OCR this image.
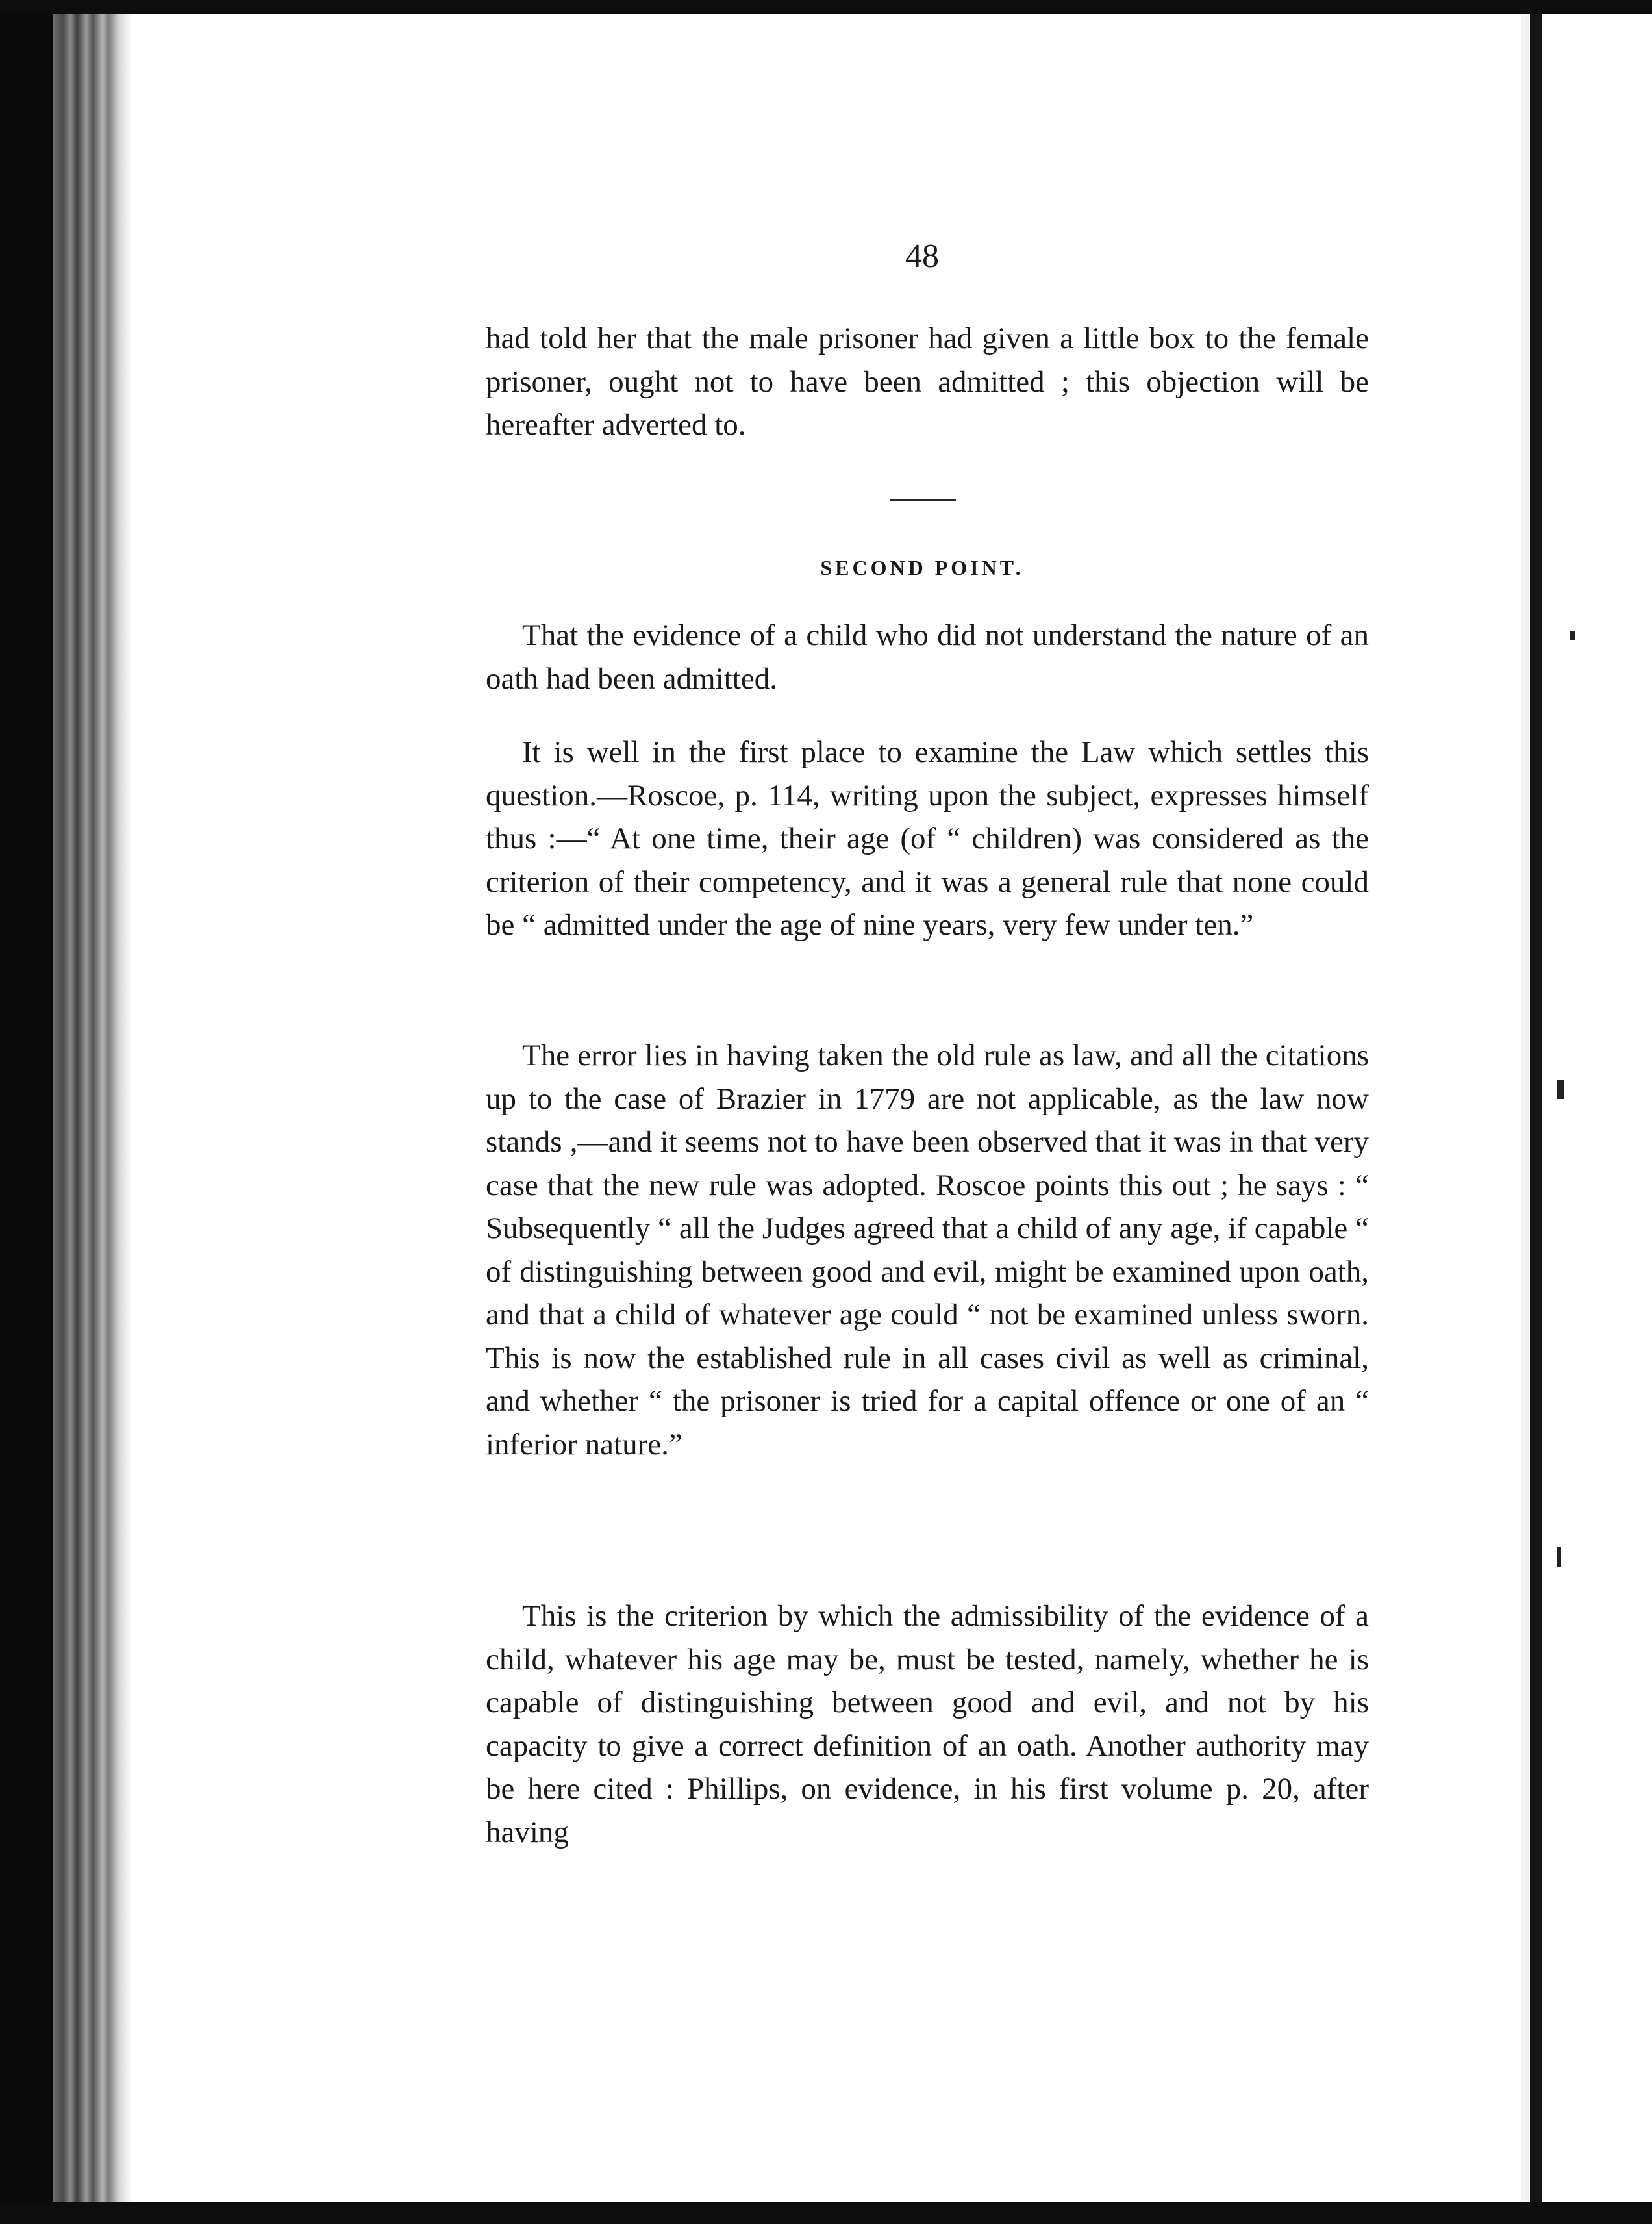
48

had told her that the male prisoner had given a little box to the female prisoner, ought not to have been admitted ; this objection will be hereafter adverted to.

SECOND POINT.

That the evidence of a child who did not understand the nature of an oath had been admitted.

It is well in the first place to examine the Law which settles this question.—Roscoe, p. 114, writing upon the subject, expresses himself thus :—“ At one time, their age (of “ children) was considered as the criterion of their competency, and it was a general rule that none could be “ admitted under the age of nine years, very few under ten.”

The error lies in having taken the old rule as law, and all the citations up to the case of Brazier in 1779 are not applicable, as the law now stands ,—and it seems not to have been observed that it was in that very case that the new rule was adopted. Roscoe points this out ; he says : “ Subsequently “ all the Judges agreed that a child of any age, if capable “ of distinguishing between good and evil, might be examined upon oath, and that a child of whatever age could “ not be examined unless sworn. This is now the established rule in all cases civil as well as criminal, and whether “ the prisoner is tried for a capital offence or one of an “ inferior nature.”

This is the criterion by which the admissibility of the evidence of a child, whatever his age may be, must be tested, namely, whether he is capable of distinguishing between good and evil, and not by his capacity to give a correct definition of an oath. Another authority may be here cited : Phillips, on evidence, in his first volume p. 20, after having
